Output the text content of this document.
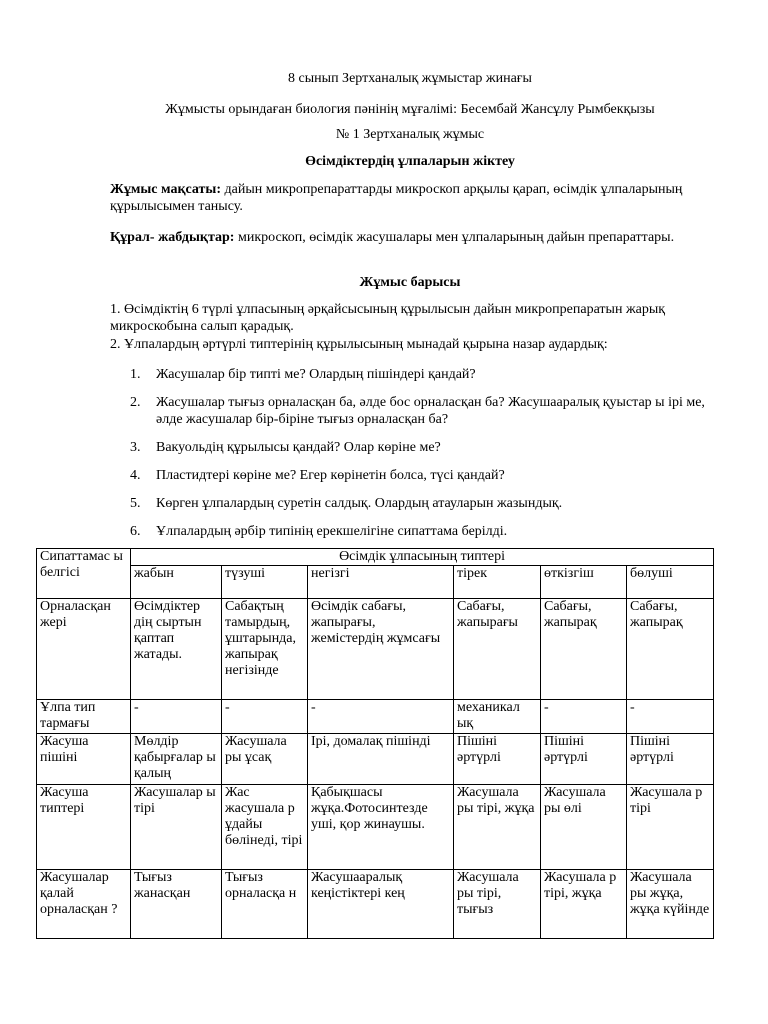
8 сынып Зертханалық жұмыстар жинағы
Жұмысты орындаған биология пәнінің мұғалімі: Бесембай Жансұлу Рымбекқызы
№ 1 Зертханалық жұмыс
Өсімдіктердің ұлпаларын жіктеу
Жұмыс мақсаты: дайын микропрепараттарды микроскоп арқылы қарап, өсімдік ұлпаларының құрылысымен танысу.
Құрал- жабдықтар: микроскоп, өсімдік жасушалары мен ұлпаларының дайын препараттары.
Жұмыс барысы
1. Өсімдіктің 6 түрлі ұлпасының әрқайсысының құрылысын дайын микропрепаратын жарық микроскобына салып қарадық.
2. Ұлпалардың әртүрлі типтерінің құрылысының мынадай қырына назар аудардық:
1.	Жасушалар бір типті ме? Олардың пішіндері қандай?
2.	Жасушалар тығыз орналасқан ба, әлде бос орналасқан ба? Жасушааралық қуыстар ы ірі ме, әлде жасушалар бір-біріне тығыз орналасқан ба?
3.	Вакуольдің құрылысы қандай? Олар көріне ме?
4.	Пластидтері көріне ме? Егер көрінетін болса, түсі қандай?
5.	Көрген ұлпалардың суретін салдық. Олардың атауларын жазындық.
6.	Ұлпалардың әрбір типінің ерекшелігіне сипаттама берілді.
Сипаттамас ы белгісі	Өсімдік ұлпасының типтері					
	жабын	түзуші	негізгі	тірек	өткізгіш	бөлуші
Орналасқан жері	Өсімдіктер дің сыртын қаптап жатады.	Сабақтың тамырдың, ұштарында, жапырақ негізінде	Өсімдік сабағы, жапырағы, жемістердің жұмсағы	Сабағы, жапырағы	Сабағы, жапырақ	Сабағы, жапырақ
Ұлпа тип тармағы	-	-	-	механикал ық	-	-
Жасуша пішіні	Мөлдір қабырғалар ы қалың	Жасушала ры ұсақ	Ірі, домалақ пішінді	Пішіні әртүрлі	Пішіні әртүрлі	Пішіні әртүрлі
Жасуша типтері	Жасушалар ы тірі	Жас жасушала р ұдайы бөлінеді, тірі	Қабықшасы жұқа.Фотосинтезде уші, қор жинаушы.	Жасушала ры тірі, жұқа	Жасушала ры өлі	Жасушала р тірі
Жасушалар қалай орналасқан ?	Тығыз жанасқан	Тығыз орналасқа н	Жасушааралық кеңістіктері кең	Жасушала ры тірі, тығыз	Жасушала р тірі, жұқа	Жасушала ры жұқа, жұқа күйінде
